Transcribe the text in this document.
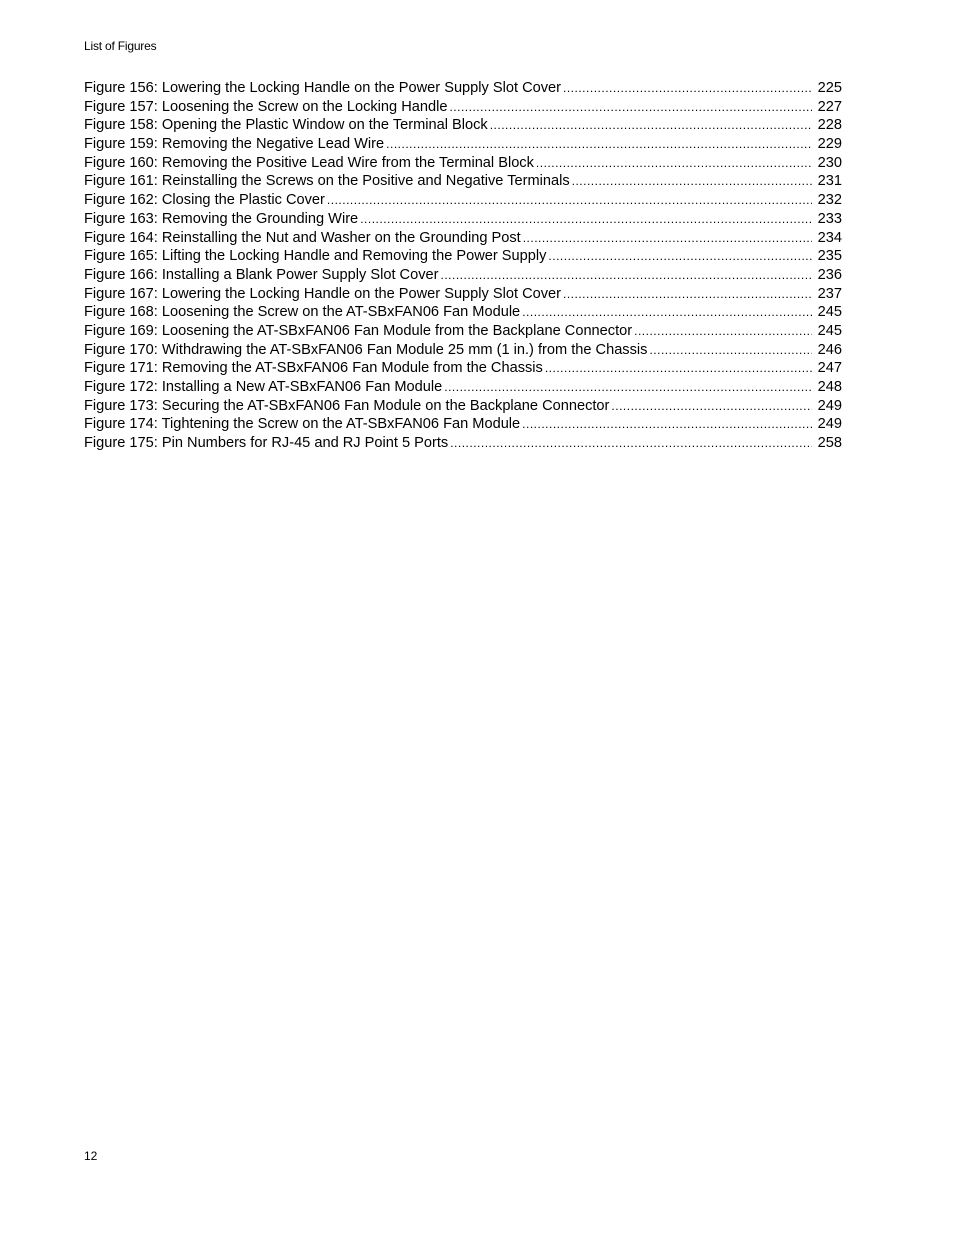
List of Figures
Figure 156: Lowering the Locking Handle on the Power Supply Slot Cover .....	225
Figure 157: Loosening the Screw on the Locking Handle .....	227
Figure 158: Opening the Plastic Window on the Terminal Block .....	228
Figure 159: Removing the Negative Lead Wire .....	229
Figure 160: Removing the Positive Lead Wire from the Terminal Block .....	230
Figure 161: Reinstalling the Screws on the Positive and Negative Terminals .....	231
Figure 162: Closing the Plastic Cover .....	232
Figure 163: Removing the Grounding Wire .....	233
Figure 164: Reinstalling the Nut and Washer on the Grounding Post .....	234
Figure 165: Lifting the Locking Handle and Removing the Power Supply .....	235
Figure 166: Installing a Blank Power Supply Slot Cover .....	236
Figure 167: Lowering the Locking Handle on the Power Supply Slot Cover .....	237
Figure 168: Loosening the Screw on the AT-SBxFAN06 Fan Module .....	245
Figure 169: Loosening the AT-SBxFAN06 Fan Module from the Backplane Connector .....	245
Figure 170: Withdrawing the AT-SBxFAN06 Fan Module 25 mm (1 in.) from the Chassis .....	246
Figure 171: Removing the AT-SBxFAN06 Fan Module from the Chassis .....	247
Figure 172: Installing a New AT-SBxFAN06 Fan Module .....	248
Figure 173: Securing the AT-SBxFAN06 Fan Module on the Backplane Connector .....	249
Figure 174: Tightening the Screw on the AT-SBxFAN06 Fan Module .....	249
Figure 175: Pin Numbers for RJ-45 and RJ Point 5 Ports .....	258
12
